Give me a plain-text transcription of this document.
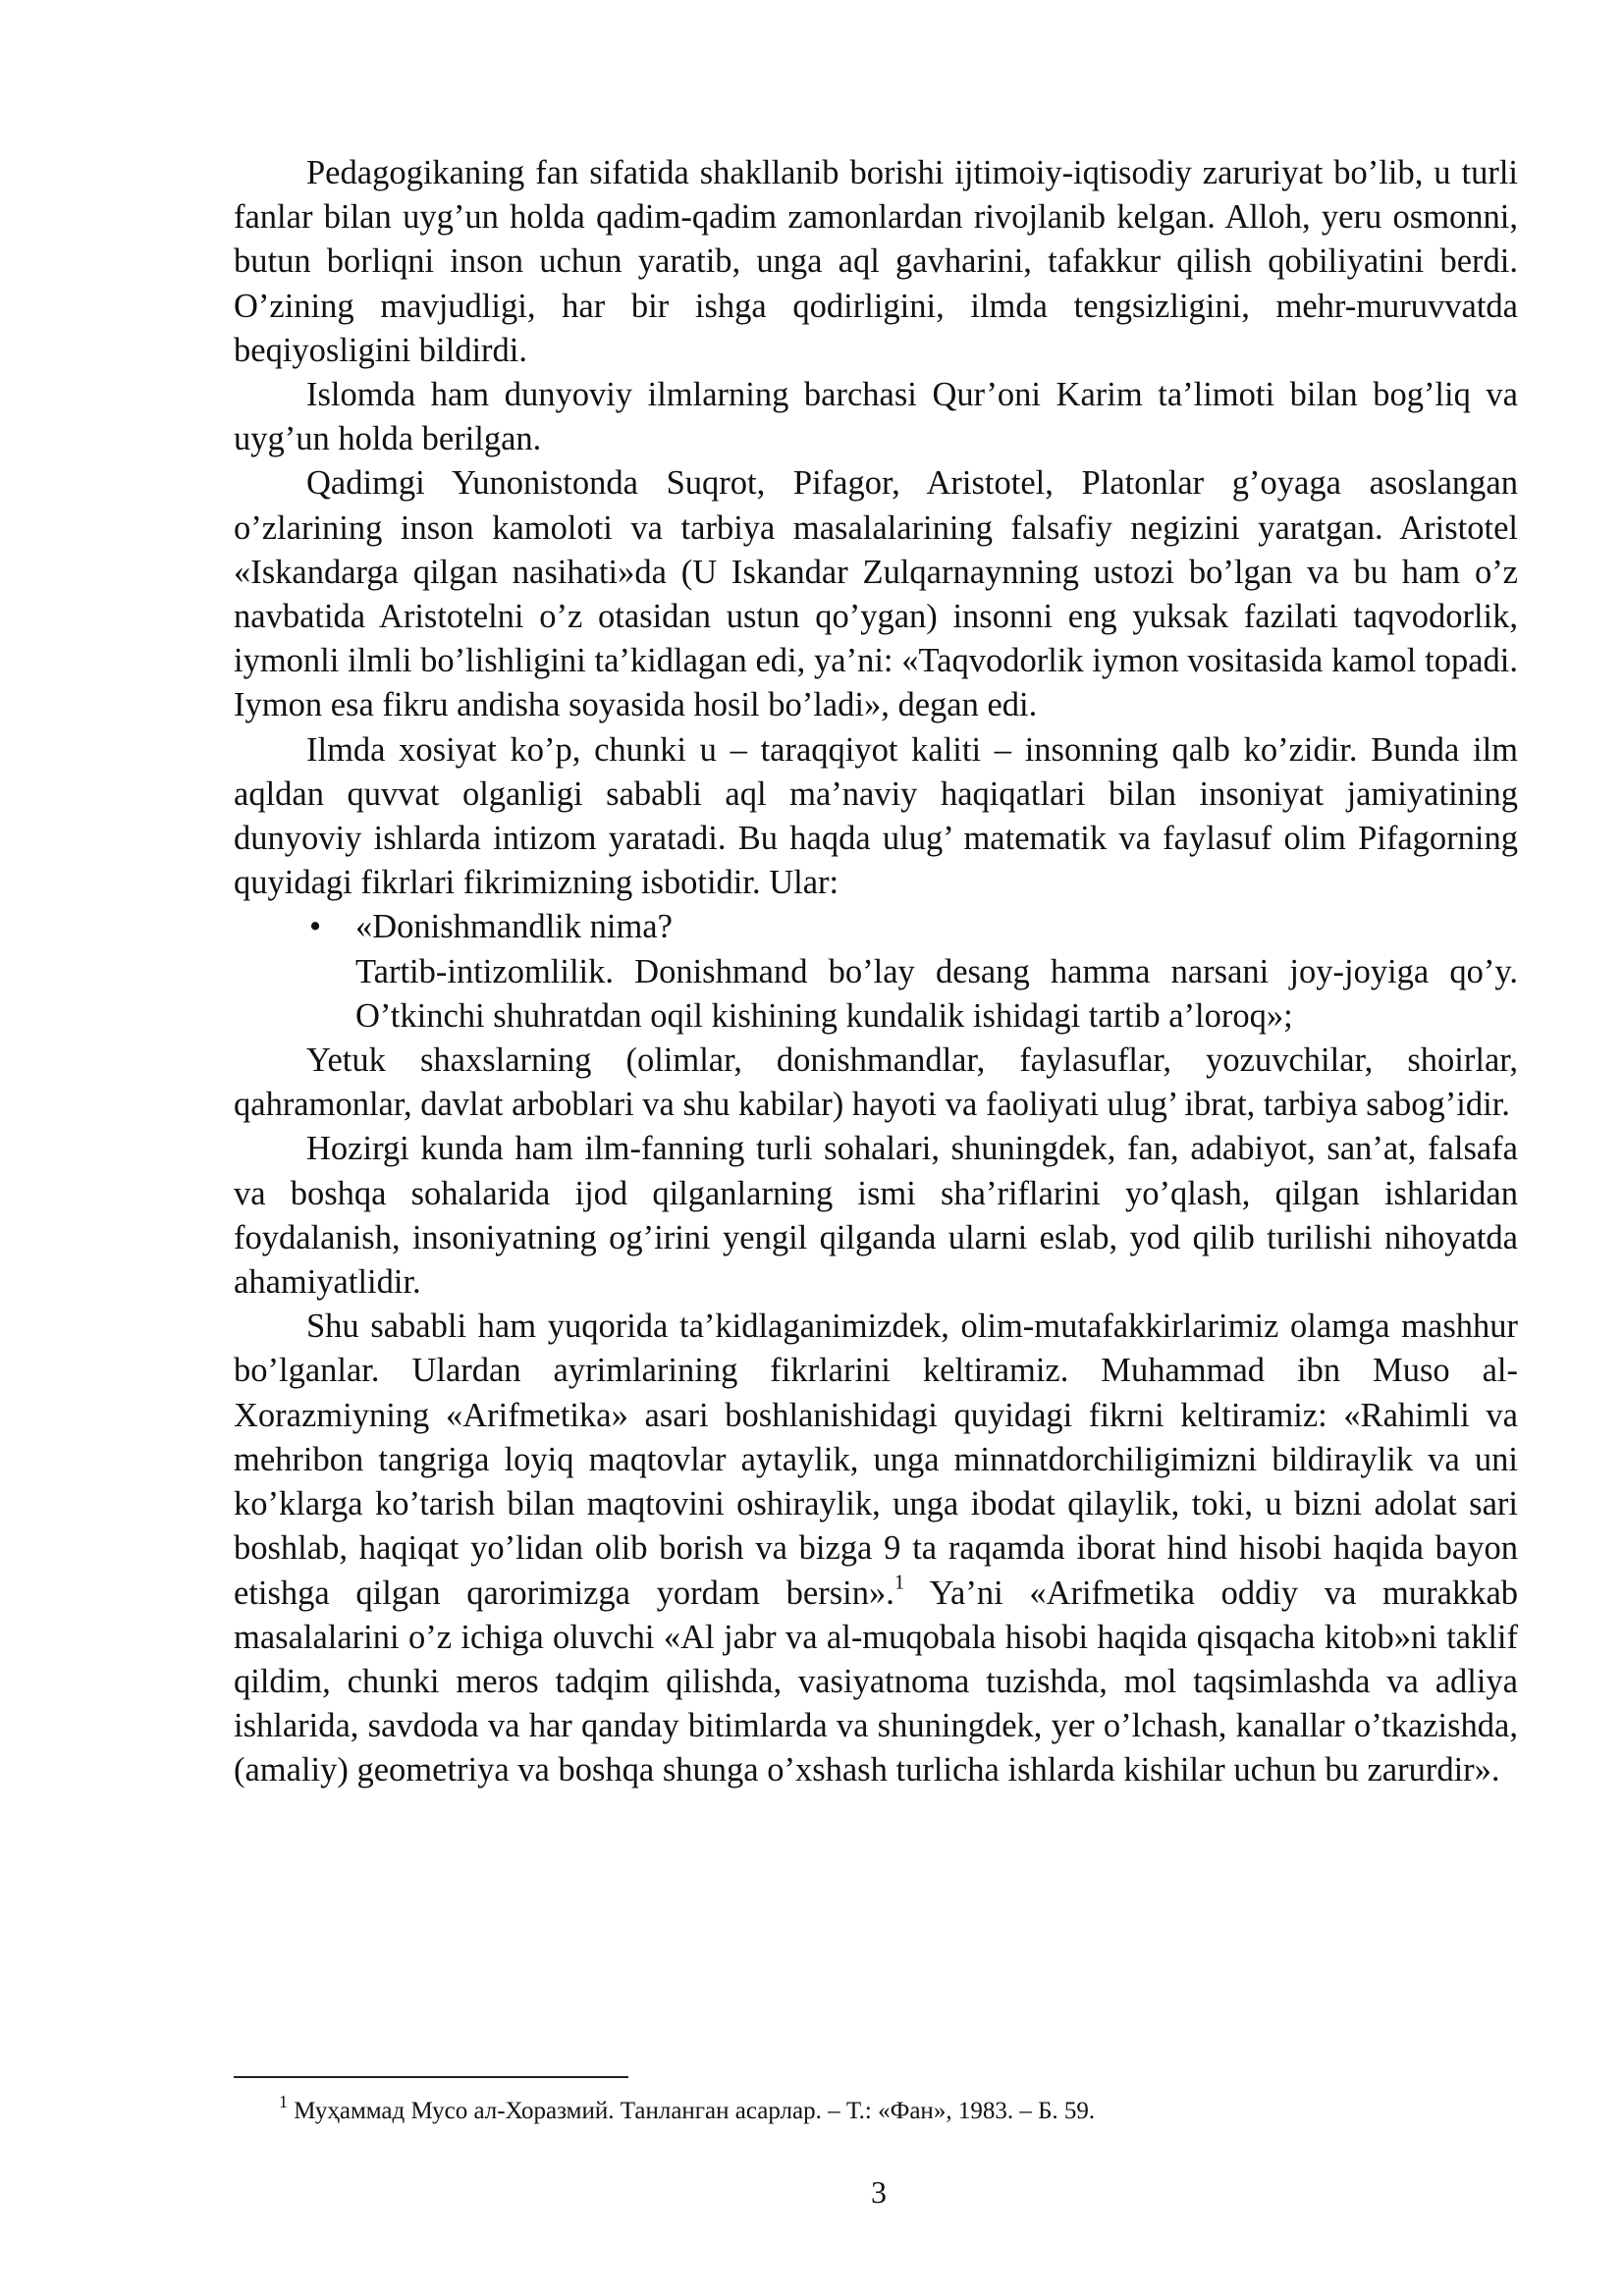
Pedagogikaning fan sifatida shakllanib borishi ijtimoiy-iqtisodiy zaruriyat bo’lib, u turli fanlar bilan uyg’un holda qadim-qadim zamonlardan rivojlanib kelgan. Alloh, yeru osmonni, butun borliqni inson uchun yaratib, unga aql gavharini, tafakkur qilish qobiliyatini berdi. O’zining mavjudligi, har bir ishga qodirligini, ilmda tengsizligini, mehr-muruvvatda beqiyosligini bildirdi.

Islomda ham dunyoviy ilmlarning barchasi Qur’oni Karim ta’limoti bilan bog’liq va uyg’un holda berilgan.

Qadimgi Yunonistonda Suqrot, Pifagor, Aristotel, Platonlar g’oyaga asoslangan o’zlarining inson kamoloti va tarbiya masalalarining falsafiy negizini yaratgan. Aristotel «Iskandarga qilgan nasihati»da (U Iskandar Zulqarnaynning ustozi bo’lgan va bu ham o’z navbatida Aristotelni o’z otasidan ustun qo’ygan) insonni eng yuksak fazilati taqvodorlik, iymonli ilmli bo’lishligini ta’kidlagan edi, ya’ni: «Taqvodorlik iymon vositasida kamol topadi. Iymon esa fikru andisha soyasida hosil bo’ladi», degan edi.

Ilmda xosiyat ko’p, chunki u – taraqqiyot kaliti – insonning qalb ko’zidir. Bunda ilm aqldan quvvat olganligi sababli aql ma’naviy haqiqatlari bilan insoniyat jamiyatining dunyoviy ishlarda intizom yaratadi. Bu haqda ulug’ matematik va faylasuf olim Pifagorning quyidagi fikrlari fikrimizning isbotidir. Ular:

• «Donishmandlik nima?

Tartib-intizomlilik. Donishmand bo’lay desang hamma narsani joy-joyiga qo’y. O’tkinchi shuhratdan oqil kishining kundalik ishidagi tartib a’loroq»;

Yetuk shaxslarning (olimlar, donishmandlar, faylasuflar, yozuvchilar, shoirlar, qahramonlar, davlat arboblari va shu kabilar) hayoti va faoliyati ulug’ ibrat, tarbiya sabog’idir.

Hozirgi kunda ham ilm-fanning turli sohalari, shuningdek, fan, adabiyot, san’at, falsafa va boshqa sohalarida ijod qilganlarning ismi sha’riflarini yo’qlash, qilgan ishlaridan foydalanish, insoniyatning og’irini yengil qilganda ularni eslab, yod qilib turilishi nihoyatda ahamiyatlidir.

Shu sababli ham yuqorida ta’kidlaganimizdek, olim-mutafakkirlarimiz olamga mashhur bo’lganlar. Ulardan ayrimlarining fikrlarini keltiramiz. Muhammad ibn Muso al-Xorazmiyning «Arifmetika» asari boshlanishidagi quyidagi fikrni keltiramiz: «Rahimli va mehribon tangriga loyiq maqtovlar aytaylik, unga minnatdorchiligimizni bildiraylik va uni ko’klarga ko’tarish bilan maqtovini oshiraylik, unga ibodat qilaylik, toki, u bizni adolat sari boshlab, haqiqat yo’lidan olib borish va bizga 9 ta raqamda iborat hind hisobi haqida bayon etishga qilgan qarorimizga yordam bersin».$^1$ Ya’ni «Arifmetika oddiy va murakkab masalalarini o’z ichiga oluvchi «Al jabr va al-muqobala hisobi haqida qisqacha kitob»ni taklif qildim, chunki meros tadqim qilishda, vasiyatnoma tuzishda, mol taqsimlashda va adliya ishlarida, savdoda va har qanday bitimlarda va shuningdek, yer o’lchash, kanallar o’tkazishda, (amaliy) geometriya va boshqa shunga o’xshash turlicha ishlarda kishilar uchun bu zarurdir».

$^1$ Муҳаммад Мусо ал-Хоразмий. Танланган асарлар. – Т.: «Фан», 1983. – Б. 59.

3
